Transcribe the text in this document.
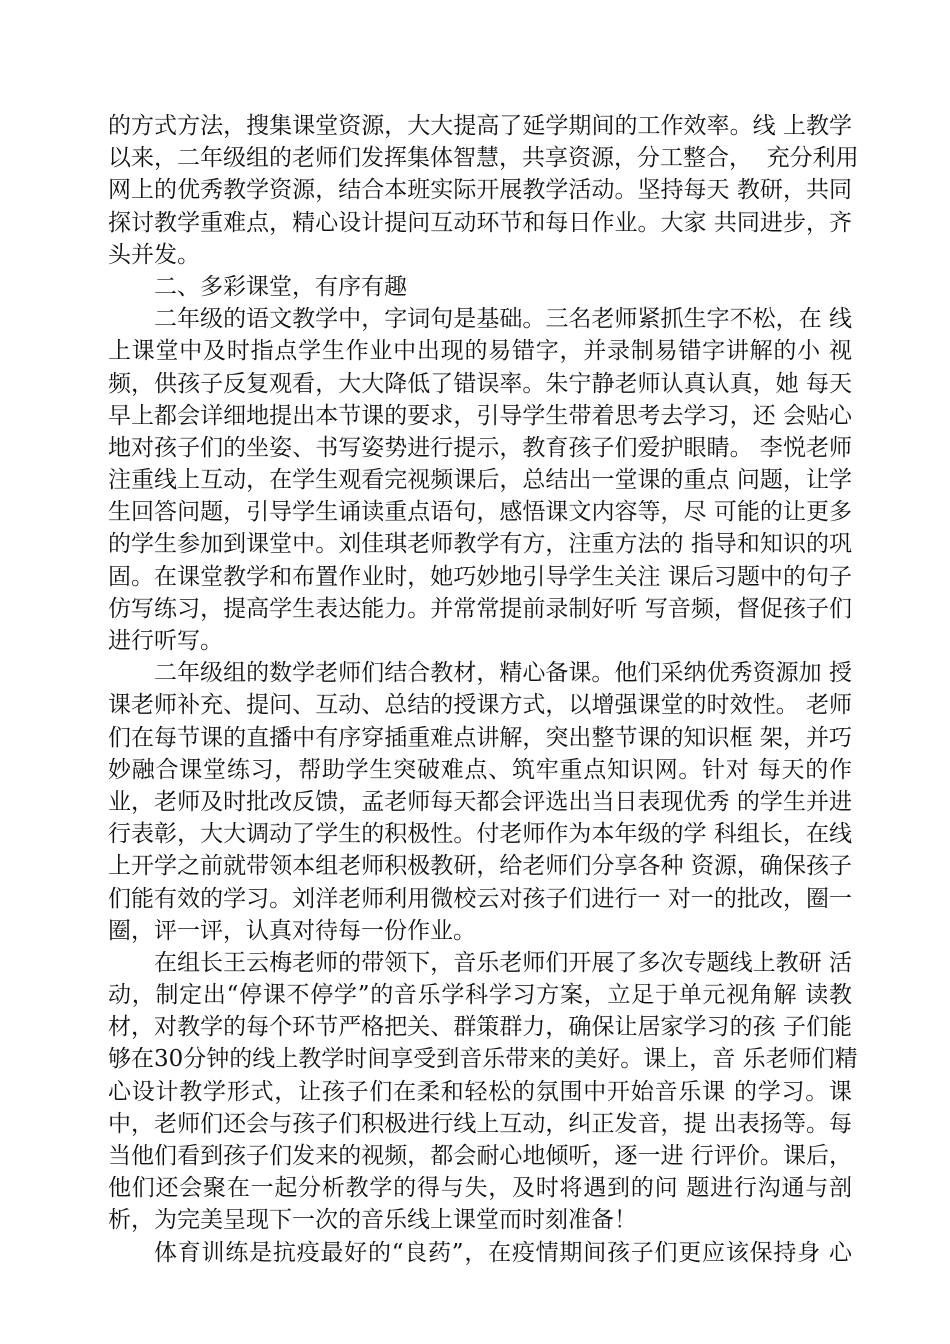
的方式方法，搜集课堂资源，大大提高了延学期间的工作效率。线 上教学
以来，二年级组的老师们发挥集体智慧，共享资源，分工整合，  充分利用
网上的优秀教学资源，结合本班实际开展教学活动。坚持每天 教研，共同
探讨教学重难点，精心设计提问互动环节和每日作业。大家 共同进步，齐
头并发。
二、多彩课堂，有序有趣
二年级的语文教学中，字词句是基础。三名老师紧抓生字不松，在 线
上课堂中及时指点学生作业中出现的易错字，并录制易错字讲解的小 视
频，供孩子反复观看，大大降低了错误率。朱宁静老师认真认真，她 每天
早上都会详细地提出本节课的要求，引导学生带着思考去学习，还 会贴心
地对孩子们的坐姿、书写姿势进行提示，教育孩子们爱护眼睛。 李悦老师
注重线上互动，在学生观看完视频课后，总结出一堂课的重点 问题，让学
生回答问题，引导学生诵读重点语句，感悟课文内容等，尽 可能的让更多
的学生参加到课堂中。刘佳琪老师教学有方，注重方法的 指导和知识的巩
固。在课堂教学和布置作业时，她巧妙地引导学生关注 课后习题中的句子
仿写练习，提高学生表达能力。并常常提前录制好听 写音频，督促孩子们
进行听写。
二年级组的数学老师们结合教材，精心备课。他们采纳优秀资源加 授
课老师补充、提问、互动、总结的授课方式，以增强课堂的时效性。 老师
们在每节课的直播中有序穿插重难点讲解，突出整节课的知识框 架，并巧
妙融合课堂练习，帮助学生突破难点、筑牢重点知识网。针对 每天的作
业，老师及时批改反馈，孟老师每天都会评选出当日表现优秀 的学生并进
行表彰，大大调动了学生的积极性。付老师作为本年级的学 科组长，在线
上开学之前就带领本组老师积极教研，给老师们分享各种 资源，确保孩子
们能有效的学习。刘洋老师利用微校云对孩子们进行一 对一的批改，圈一
圈，评一评，认真对待每一份作业。
在组长王云梅老师的带领下，音乐老师们开展了多次专题线上教研 活
动，制定出“停课不停学”的音乐学科学习方案，立足于单元视角解 读教
材，对教学的每个环节严格把关、群策群力，确保让居家学习的孩 子们能
够在30分钟的线上教学时间享受到音乐带来的美好。课上，音 乐老师们精
心设计教学形式，让孩子们在柔和轻松的氛围中开始音乐课 的学习。课
中，老师们还会与孩子们积极进行线上互动，纠正发音，提 出表扬等。每
当他们看到孩子们发来的视频，都会耐心地倾听，逐一进 行评价。课后，
他们还会聚在一起分析教学的得与失，及时将遇到的问 题进行沟通与剖
析，为完美呈现下一次的音乐线上课堂而时刻准备！
体育训练是抗疫最好的“良药”，在疫情期间孩子们更应该保持身 心
